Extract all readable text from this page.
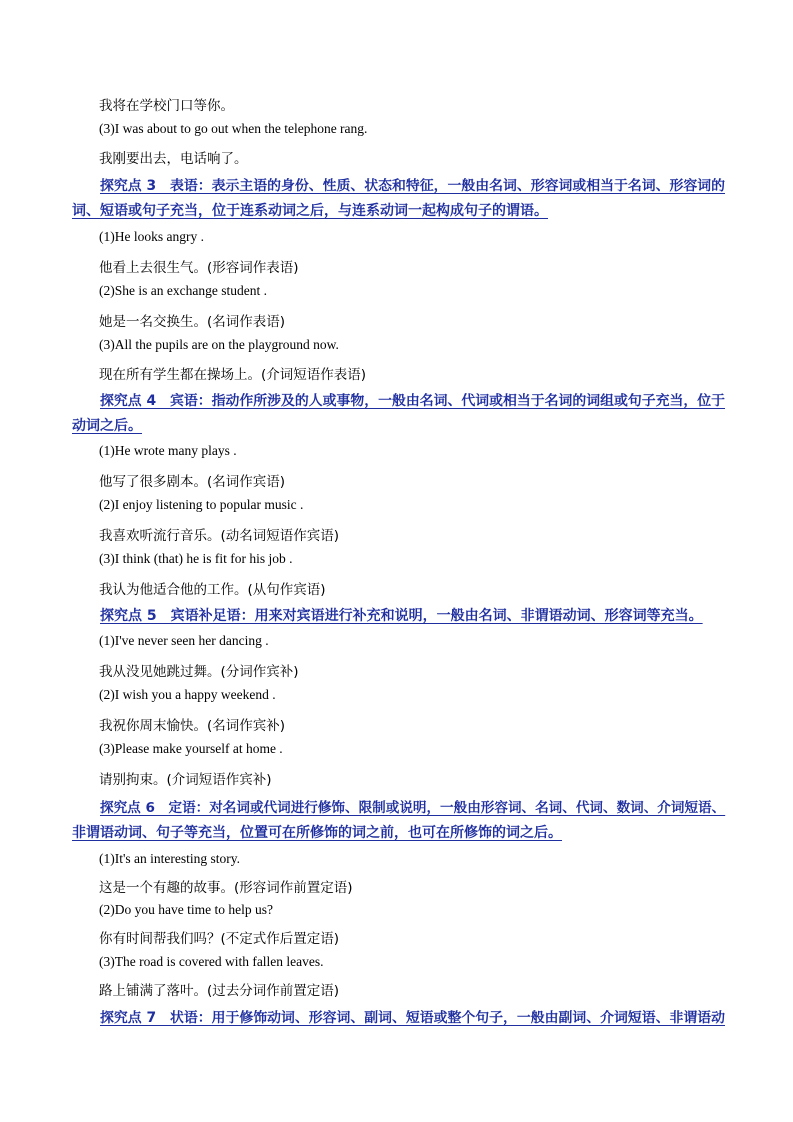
我将在学校门口等你。
(3)I was about to go out when the telephone rang.
我刚要出去，电话响了。
探究点 3　表语：表示主语的身份、性质、状态和特征，一般由名词、形容词或相当于名词、形容词的
词、短语或句子充当，位于连系动词之后，与连系动词一起构成句子的谓语。
(1)He looks angry .
他看上去很生气。(形容词作表语)
(2)She is an exchange student .
她是一名交换生。(名词作表语)
(3)All the pupils are on the playground now.
现在所有学生都在操场上。(介词短语作表语)
探究点 4　宾语：指动作所涉及的人或事物，一般由名词、代词或相当于名词的词组或句子充当，位于
动词之后。
(1)He wrote many plays .
他写了很多剧本。(名词作宾语)
(2)I enjoy listening to popular music .
我喜欢听流行音乐。(动名词短语作宾语)
(3)I think (that) he is fit for his job .
我认为他适合他的工作。(从句作宾语)
探究点 5　宾语补足语：用来对宾语进行补充和说明，一般由名词、非谓语动词、形容词等充当。
(1)I've never seen her dancing .
我从没见她跳过舞。(分词作宾补)
(2)I wish you a happy weekend .
我祝你周末愉快。(名词作宾补)
(3)Please make yourself at home .
请别拘束。(介词短语作宾补)
探究点 6　定语：对名词或代词进行修饰、限制或说明，一般由形容词、名词、代词、数词、介词短语、
非谓语动词、句子等充当，位置可在所修饰的词之前，也可在所修饰的词之后。
(1)It's an interesting story.
这是一个有趣的故事。(形容词作前置定语)
(2)Do you have time to help us?
你有时间帮我们吗？(不定式作后置定语)
(3)The road is covered with fallen leaves.
路上铺满了落叶。(过去分词作前置定语)
探究点 7　状语：用于修饰动词、形容词、副词、短语或整个句子，一般由副词、介词短语、非谓语动
